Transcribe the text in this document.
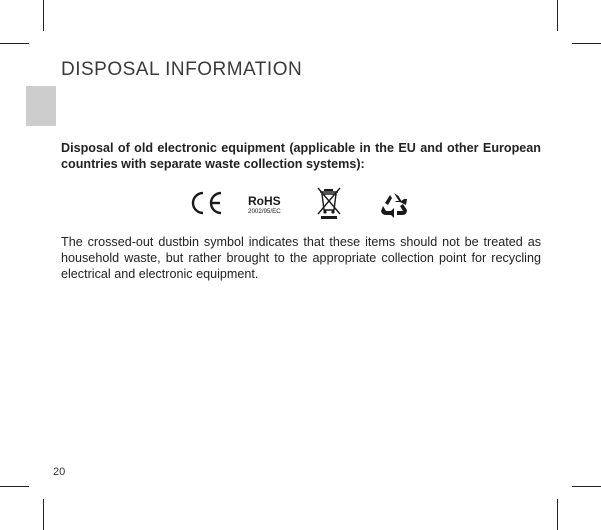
DISPOSAL INFORMATION
Disposal of old electronic equipment (applicable in the EU and other European countries with separate waste collection systems):
RoHS
2002/95/EC
The crossed-out dustbin symbol indicates that these items should not be treated as household waste, but rather brought to the appropriate collection point for recycling electrical and electronic equipment.
20
